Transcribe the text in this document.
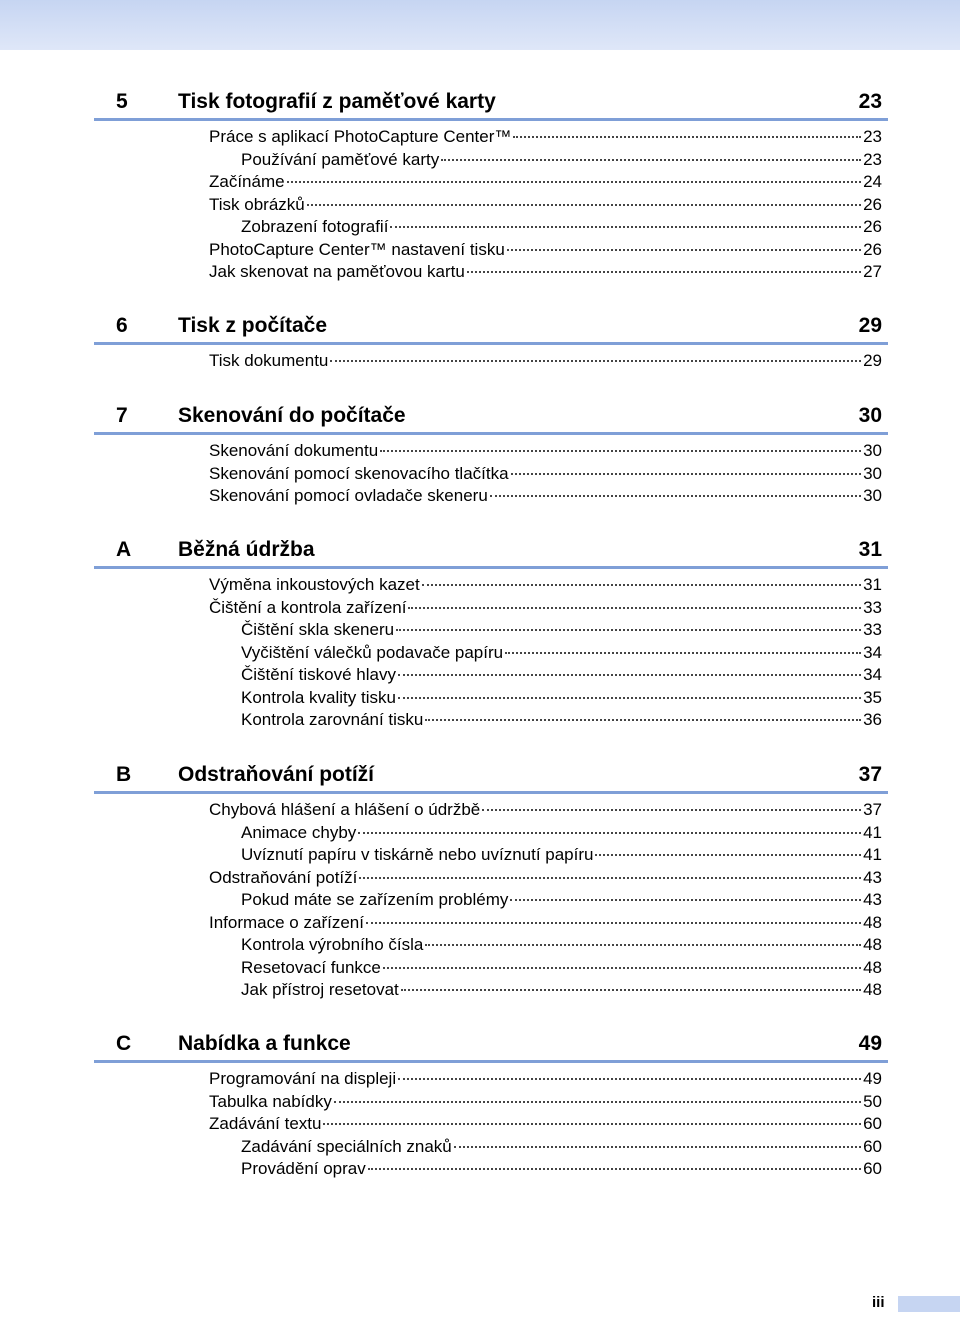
5 Tisk fotografií z paměťové karty	23
Práce s aplikací PhotoCapture Center™	23
Používání paměťové karty	23
Začínáme	24
Tisk obrázků	26
Zobrazení fotografií	26
PhotoCapture Center™ nastavení tisku	26
Jak skenovat na paměťovou kartu	27
6 Tisk z počítače	29
Tisk dokumentu	29
7 Skenování do počítače	30
Skenování dokumentu	30
Skenování pomocí skenovacího tlačítka	30
Skenování pomocí ovladače skeneru	30
A Běžná údržba	31
Výměna inkoustových kazet	31
Čištění a kontrola zařízení	33
Čištění skla skeneru	33
Vyčištění válečků podavače papíru	34
Čištění tiskové hlavy	34
Kontrola kvality tisku	35
Kontrola zarovnání tisku	36
B Odstraňování potíží	37
Chybová hlášení a hlášení o údržbě	37
Animace chyby	41
Uvíznutí papíru v tiskárně nebo uvíznutí papíru	41
Odstraňování potíží	43
Pokud máte se zařízením problémy	43
Informace o zařízení	48
Kontrola výrobního čísla	48
Resetovací funkce	48
Jak přístroj resetovat	48
C Nabídka a funkce	49
Programování na displeji	49
Tabulka nabídky	50
Zadávání textu	60
Zadávání speciálních znaků	60
Provádění oprav	60
iii
